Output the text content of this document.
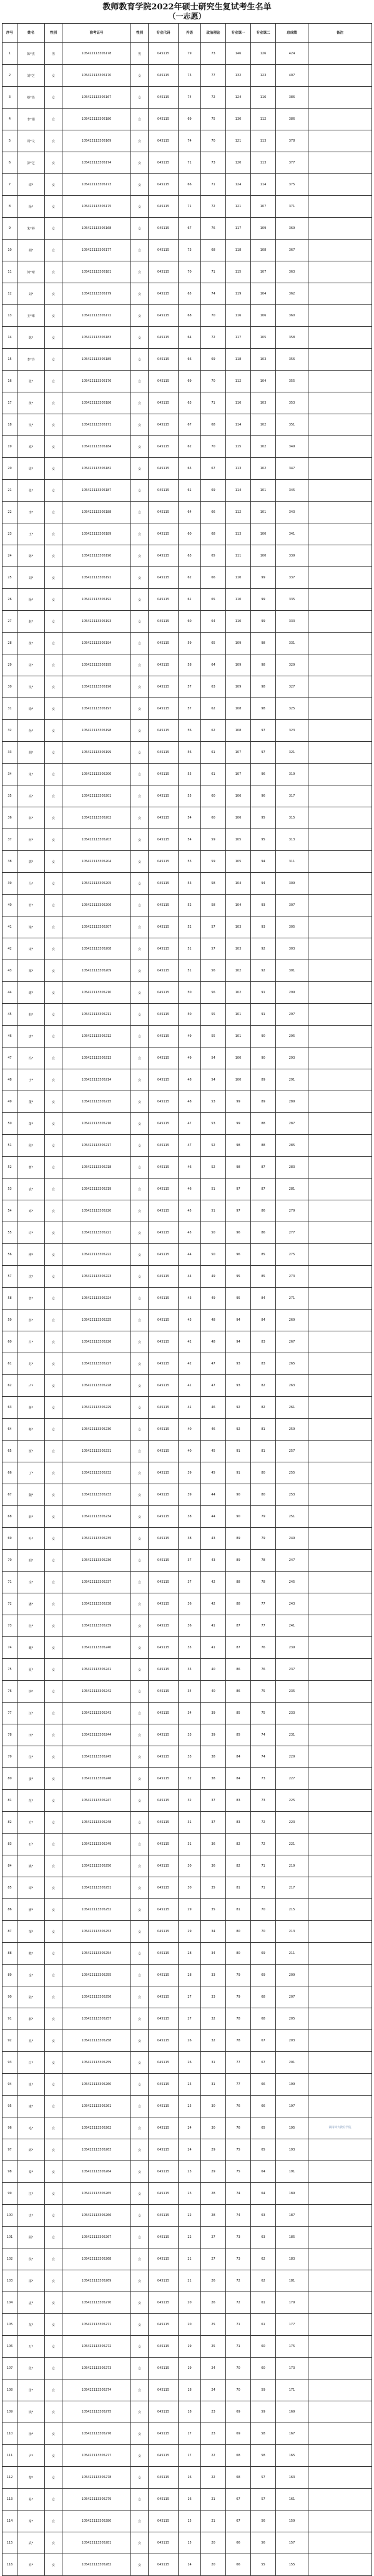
教师教育学院2022年硕士研究生复试考生名单
（一志愿）
序号	姓名	性别	准考证号	性别	专业代码	外语	政治理论	专业课一	专业课二	总成绩	备注
1	陈*杰	男	105422113305178	男	045115	79	73	146	126	424	
2	刘*芝	女	105422113305170	女	045115	75	77	132	123	407	
3	蔡*怡	女	105422113305167	女	045115	74	72	124	116	386	
4	李*娟	女	105422113305180	女	045115	69	75	130	112	386	
5	周*文	女	105422113305169	女	045115	74	70	121	113	378	
6	彭*芝	女	105422113305174	女	045115	71	73	120	113	377	
7	谭*	女	105422113305173	女	045115	66	71	124	114	375	
8	杨*	女	105422113305175	女	045115	71	72	121	107	371	
9	朱*婷	女	105422113305168	女	045115	67	76	117	109	369	
10	胡*	女	105422113305177	女	045115	73	68	118	108	367	
11	何*晴	女	105422113305181	女	045115	70	71	115	107	363	
12	刘*	女	105422113305179	女	045115	65	74	119	104	362	
13	王*琳	女	105422113305172	女	045115	68	70	116	106	360	
14	陈*	女	105422113305183	女	045115	64	72	117	105	358	
15	李*玲	女	105422113305185	女	045115	66	69	118	103	356	
16	张*	女	105422113305176	女	045115	69	70	112	104	355	
17	黄*	女	105422113305186	女	045115	63	71	116	103	353	
18	吴*	女	105422113305171	女	045115	67	68	114	102	351	
19	邓*	女	105422113305184	女	045115	62	70	115	102	349	
20	周*	女	105422113305182	女	045115	65	67	113	102	347	
21	张*	女	105422113305187	女	045115	61	69	114	101	345	
22	李*	女	105422113305188	女	045115	64	66	112	101	343	
23	王*	女	105422113305189	女	045115	60	68	113	100	341	
24	陈*	女	105422113305190	女	045115	63	65	111	100	339	
25	刘*	女	105422113305191	女	045115	62	66	110	99	337	
26	杨*	女	105422113305192	女	045115	61	65	110	99	335	
27	赵*	女	105422113305193	女	045115	60	64	110	99	333	
28	黄*	女	105422113305194	女	045115	59	65	109	98	331	
29	周*	女	105422113305195	女	045115	58	64	109	98	329	
30	吴*	女	105422113305196	女	045115	57	63	109	98	327	
31	徐*	女	105422113305197	女	045115	57	62	108	98	325	
32	孙*	女	105422113305198	女	045115	56	62	108	97	323	
33	胡*	女	105422113305199	女	045115	56	61	107	97	321	
34	朱*	女	105422113305200	女	045115	55	61	107	96	319	
35	高*	女	105422113305201	女	045115	55	60	106	96	317	
36	林*	女	105422113305202	女	045115	54	60	106	95	315	
37	何*	女	105422113305203	女	045115	54	59	105	95	313	
38	郭*	女	105422113305204	女	045115	53	59	105	94	311	
39	马*	女	105422113305205	女	045115	53	58	104	94	309	
40	罗*	女	105422113305206	女	045115	52	58	104	93	307	
41	梁*	女	105422113305207	女	045115	52	57	103	93	305	
42	宋*	女	105422113305208	女	045115	51	57	103	92	303	
43	郑*	女	105422113305209	女	045115	51	56	102	92	301	
44	谢*	女	105422113305210	女	045115	50	56	102	91	299	
45	韩*	女	105422113305211	女	045115	50	55	101	91	297	
46	唐*	女	105422113305212	女	045115	49	55	101	90	295	
47	冯*	女	105422113305213	女	045115	49	54	100	90	293	
48	于*	女	105422113305214	女	045115	48	54	100	89	291	
49	董*	女	105422113305215	女	045115	48	53	99	89	289	
50	萧*	女	105422113305216	女	045115	47	53	99	88	287	
51	程*	女	105422113305217	女	045115	47	52	98	88	285	
52	曹*	女	105422113305218	女	045115	46	52	98	87	283	
53	袁*	女	105422113305219	女	045115	46	51	97	87	281	
54	邓*	女	105422113305220	女	045115	45	51	97	86	279	
55	许*	女	105422113305221	女	045115	45	50	96	86	277	
56	傅*	女	105422113305222	女	045115	44	50	96	85	275	
57	沈*	女	105422113305223	女	045115	44	49	95	85	273	
58	曾*	女	105422113305224	女	045115	43	49	95	84	271	
59	彭*	女	105422113305225	女	045115	43	48	94	84	269	
60	吕*	女	105422113305226	女	045115	42	48	94	83	267	
61	苏*	女	105422113305227	女	045115	42	47	93	83	265	
62	卢*	女	105422113305228	女	045115	41	47	93	82	263	
63	蒋*	女	105422113305229	女	045115	41	46	92	82	261	
64	蔡*	女	105422113305230	女	045115	40	46	92	81	259	
65	贾*	女	105422113305231	女	045115	40	45	91	81	257	
66	丁*	女	105422113305232	女	045115	39	45	91	80	255	
67	魏*	女	105422113305233	女	045115	39	44	90	80	253	
68	薛*	女	105422113305234	女	045115	38	44	90	79	251	
69	叶*	女	105422113305235	女	045115	38	43	89	79	249	
70	阎*	女	105422113305236	女	045115	37	43	89	78	247	
71	余*	女	105422113305237	女	045115	37	42	88	78	245	
72	潘*	女	105422113305238	女	045115	36	42	88	77	243	
73	杜*	女	105422113305239	女	045115	36	41	87	77	241	
74	戴*	女	105422113305240	女	045115	35	41	87	76	239	
75	夏*	女	105422113305241	女	045115	35	40	86	76	237	
76	钟*	女	105422113305242	女	045115	34	40	86	75	235	
77	汪*	女	105422113305243	女	045115	34	39	85	75	233	
78	田*	女	105422113305244	女	045115	33	39	85	74	231	
79	任*	女	105422113305245	女	045115	33	38	84	74	229	
80	姜*	女	105422113305246	女	045115	32	38	84	73	227	
81	范*	女	105422113305247	女	045115	32	37	83	73	225	
82	方*	女	105422113305248	女	045115	31	37	83	72	223	
83	石*	女	105422113305249	女	045115	31	36	82	72	221	
84	姚*	女	105422113305250	女	045115	30	36	82	71	219	
85	谭*	女	105422113305251	女	045115	30	35	81	71	217	
86	廖*	女	105422113305252	女	045115	29	35	81	70	215	
87	邹*	女	105422113305253	女	045115	29	34	80	70	213	
88	熊*	女	105422113305254	女	045115	28	34	80	69	211	
89	金*	女	105422113305255	女	045115	28	33	79	69	209	
90	陆*	女	105422113305256	女	045115	27	33	79	68	207	
91	郝*	女	105422113305257	女	045115	27	32	78	68	205	
92	孔*	女	105422113305258	女	045115	26	32	78	67	203	
93	白*	女	105422113305259	女	045115	26	31	77	67	201	
94	崔*	女	105422113305260	女	045115	25	31	77	66	199	
95	康*	女	105422113305261	女	045115	25	30	76	66	197	
96	毛*	女	105422113305262	女	045115	24	30	76	65	195	湖南师大教育学院
97	邱*	女	105422113305263	女	045115	24	29	75	65	193	
98	秦*	女	105422113305264	女	045115	23	29	75	64	191	
99	江*	女	105422113305265	女	045115	23	28	74	64	189	
100	史*	女	105422113305266	女	045115	22	28	74	63	187	
101	顾*	女	105422113305267	女	045115	22	27	73	63	185	
102	侯*	女	105422113305268	女	045115	21	27	73	62	183	
103	邵*	女	105422113305269	女	045115	21	26	72	62	181	
104	孟*	女	105422113305270	女	045115	20	26	72	61	179	
105	龙*	女	105422113305271	女	045115	20	25	71	61	177	
106	万*	女	105422113305272	女	045115	19	25	71	60	175	
107	段*	女	105422113305273	女	045115	19	24	70	60	173	
108	雷*	女	105422113305274	女	045115	18	24	70	59	171	
109	钱*	女	105422113305275	女	045115	18	23	69	59	169	
110	汤*	女	105422113305276	女	045115	17	23	69	58	167	
111	尹*	女	105422113305277	女	045115	17	22	68	58	165	
112	黎*	女	105422113305278	女	045115	16	22	68	57	163	
113	易*	女	105422113305279	女	045115	16	21	67	57	161	
114	常*	女	105422113305280	女	045115	15	21	67	56	159	
115	武*	女	105422113305281	女	045115	15	20	66	56	157	
116	乔*	女	105422113305282	女	045115	14	20	66	55	155	
